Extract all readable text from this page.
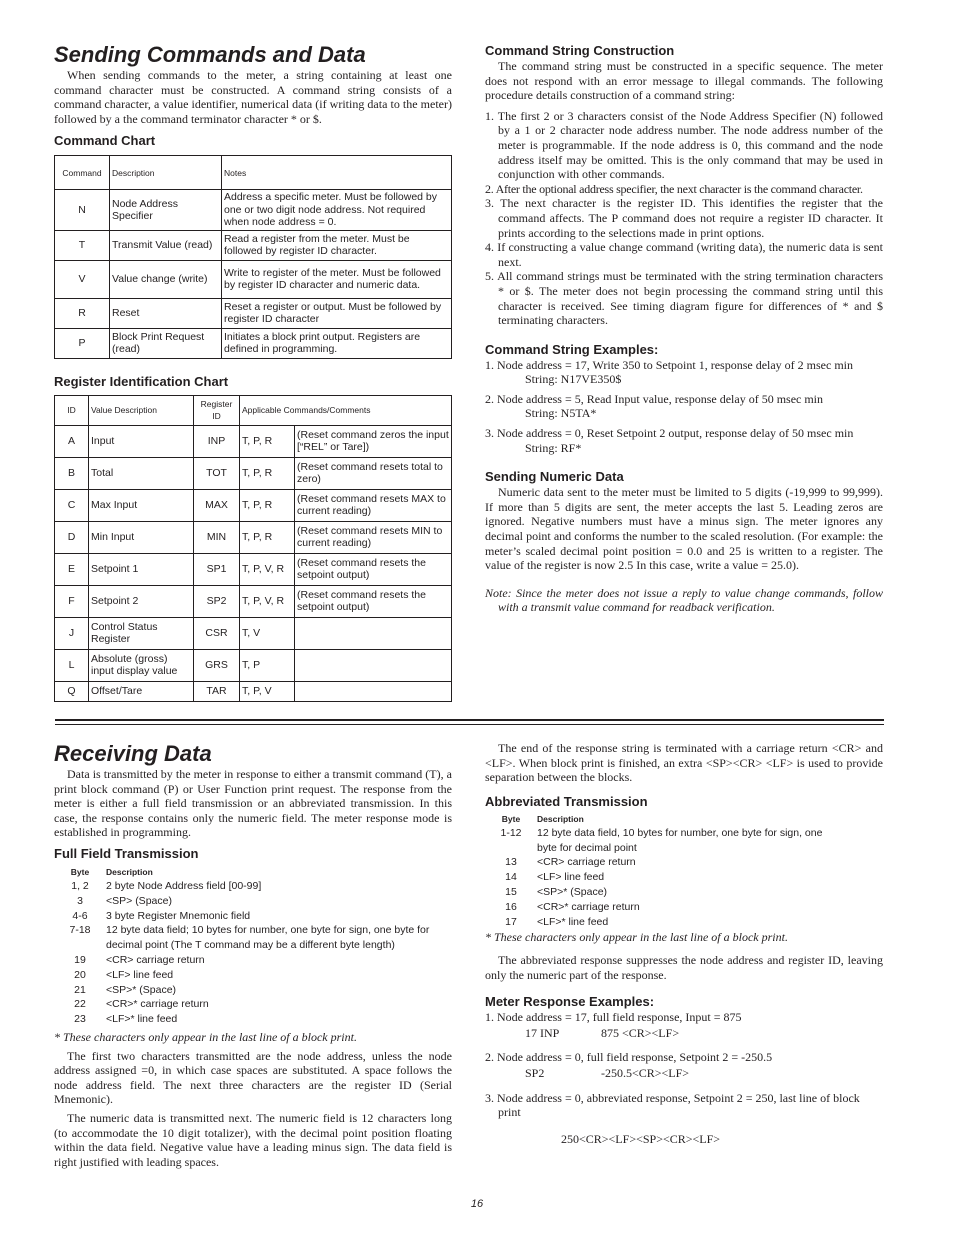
Sending Commands and Data

When sending commands to the meter, a string containing at least one command character must be constructed. A command string consists of a command character, a value identifier, numerical data (if writing data to the meter) followed by a the command terminator character * or $.

Command Chart
Command	Description	Notes
N	Node Address Specifier	Address a specific meter. Must be followed by one or two digit node address. Not required when node address = 0.
T	Transmit Value (read)	Read a register from the meter. Must be followed by register ID character.
V	Value change (write)	Write to register of the meter. Must be followed by register ID character and numeric data.
R	Reset	Reset a register or output. Must be followed by register ID character
P	Block Print Request (read)	Initiates a block print output. Registers are defined in programming.
Register Identification Chart
ID	Value Description	Register ID	Applicable Commands/Comments	
A	Input	INP	T, P, R	(Reset command zeros the input [“REL” or Tare])
B	Total	TOT	T, P, R	(Reset command resets total to zero)
C	Max Input	MAX	T, P, R	(Reset command resets MAX to current reading)
D	Min Input	MIN	T, P, R	(Reset command resets MIN to current reading)
E	Setpoint 1	SP1	T, P, V, R	(Reset command resets the setpoint output)
F	Setpoint 2	SP2	T, P, V, R	(Reset command resets the setpoint output)
J	Control Status Register	CSR	T, V	
L	Absolute (gross) input display value	GRS	T, P	
Q	Offset/Tare	TAR	T, P, V	
Command String Construction

The command string must be constructed in a specific sequence. The meter does not respond with an error message to illegal commands. The following procedure details construction of a command string:

1. The first 2 or 3 characters consist of the Node Address Specifier (N) followed by a 1 or 2 character node address number. The node address number of the meter is programmable. If the node address is 0, this command and the node address itself may be omitted. This is the only command that may be used in conjunction with other commands.
2. After the optional address specifier, the next character is the command character.
3. The next character is the register ID. This identifies the register that the command affects. The P command does not require a register ID character. It prints according to the selections made in print options.
4. If constructing a value change command (writing data), the numeric data is sent next.
5. All command strings must be terminated with the string termination characters * or $. The meter does not begin processing the command string until this character is received. See timing diagram figure for differences of * and $ terminating characters.
Command String Examples:
1. Node address = 17, Write 350 to Setpoint 1, response delay of 2 msec min
String: N17VE350$
2. Node address = 5, Read Input value, response delay of 50 msec min
String: N5TA*
3. Node address = 0, Reset Setpoint 2 output, response delay of 50 msec min
String: RF*
Sending Numeric Data

Numeric data sent to the meter must be limited to 5 digits (-19,999 to 99,999). If more than 5 digits are sent, the meter accepts the last 5. Leading zeros are ignored. Negative numbers must have a minus sign. The meter ignores any decimal point and conforms the number to the scaled resolution. (For example: the meter’s scaled decimal point position = 0.0 and 25 is written to a register. The value of the register is now 2.5 In this case, write a value = 25.0).

Note: Since the meter does not issue a reply to value change commands, follow with a transmit value command for readback verification.
Receiving Data

Data is transmitted by the meter in response to either a transmit command (T), a print block command (P) or User Function print request. The response from the meter is either a full field transmission or an abbreviated transmission. In this case, the response contains only the numeric field. The meter response mode is established in programming.

Full Field Transmission
Byte	Description
1, 2	2 byte Node Address field [00-99]
3	<SP> (Space)
4-6	3 byte Register Mnemonic field
7-18	12 byte data field; 10 bytes for number, one byte for sign, one byte for decimal point (The T command may be a different byte length)
19	<CR> carriage return
20	<LF> line feed
21	<SP>* (Space)
22	<CR>* carriage return
23	<LF>* line feed

* These characters only appear in the last line of a block print.

The first two characters transmitted are the node address, unless the node address assigned =0, in which case spaces are substituted. A space follows the node address field. The next three characters are the register ID (Serial Mnemonic).

The numeric data is transmitted next. The numeric field is 12 characters long (to accommodate the 10 digit totalizer), with the decimal point position floating within the data field. Negative value have a leading minus sign. The data field is right justified with leading spaces.

The end of the response string is terminated with a carriage return <CR> and <LF>. When block print is finished, an extra <SP><CR> <LF> is used to provide separation between the blocks.

Abbreviated Transmission
Byte	Description
1-12	12 byte data field, 10 bytes for number, one byte for sign, one byte for decimal point
13	<CR> carriage return
14	<LF> line feed
15	<SP>* (Space)
16	<CR>* carriage return
17	<LF>* line feed

* These characters only appear in the last line of a block print.

The abbreviated response suppresses the node address and register ID, leaving only the numeric part of the response.

Meter Response Examples:
1. Node address = 17, full field response, Input = 875
17 INP	875 <CR><LF>
2. Node address = 0, full field response, Setpoint 2 = -250.5
SP2	-250.5<CR><LF>
3. Node address = 0, abbreviated response, Setpoint 2 = 250, last line of block print
250<CR><LF><SP><CR><LF>
16
